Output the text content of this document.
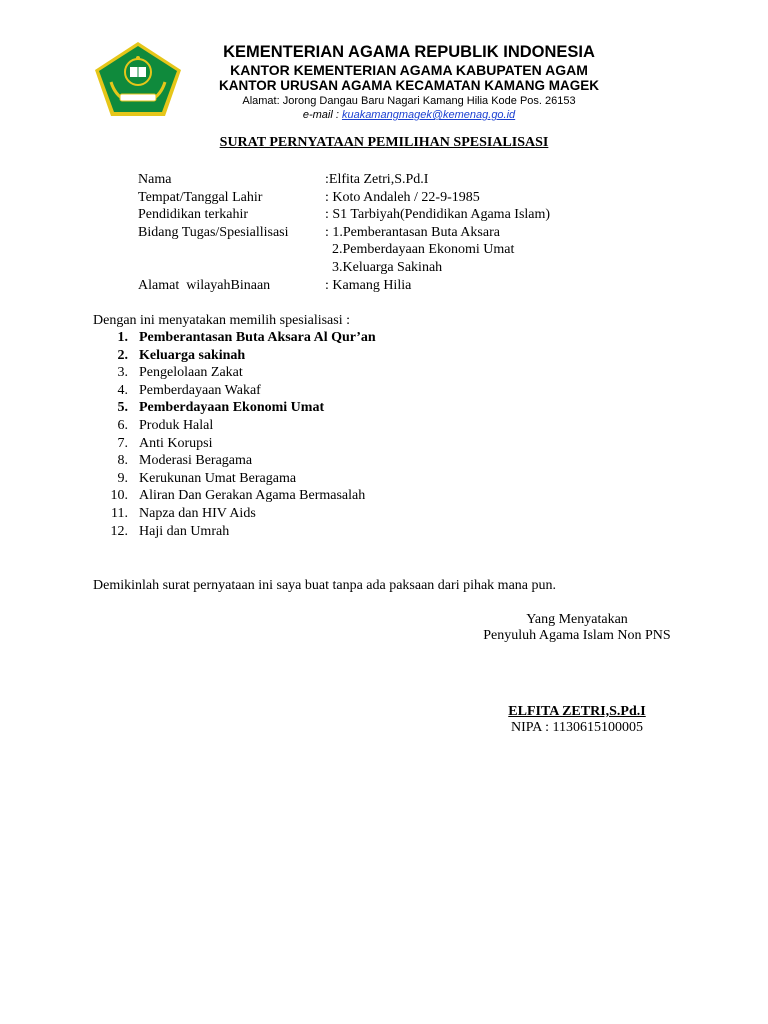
KEMENTERIAN AGAMA REPUBLIK INDONESIA
KANTOR KEMENTERIAN AGAMA KABUPATEN AGAM
KANTOR URUSAN AGAMA KECAMATAN KAMANG MAGEK
Alamat: Jorong Dangau Baru Nagari Kamang Hilia Kode Pos. 26153
e-mail : kuakamangmagek@kemenag.go.id
SURAT PERNYATAAN PEMILIHAN SPESIALISASI
Nama	:Elfita Zetri,S.Pd.I
Tempat/Tanggal Lahir	: Koto Andaleh / 22-9-1985
Pendidikan terkahir	: S1 Tarbiyah(Pendidikan Agama Islam)
Bidang Tugas/Spesiallisasi	: 1.Pemberantasan Buta Aksara
2.Pemberdayaan Ekonomi Umat
3.Keluarga Sakinah
Alamat  wilayahBinaan	: Kamang Hilia
Dengan ini menyatakan memilih spesialisasi :
1. Pemberantasan Buta Aksara Al Qur’an
2. Keluarga sakinah
3. Pengelolaan Zakat
4. Pemberdayaan Wakaf
5. Pemberdayaan Ekonomi Umat
6. Produk Halal
7. Anti Korupsi
8. Moderasi Beragama
9. Kerukunan Umat Beragama
10. Aliran Dan Gerakan Agama Bermasalah
11. Napza dan HIV Aids
12. Haji dan Umrah
Demikinlah surat pernyataan ini saya buat tanpa ada paksaan dari pihak mana pun.
Yang Menyatakan
Penyuluh Agama Islam Non PNS
ELFITA ZETRI,S.Pd.I
NIPA : 1130615100005
